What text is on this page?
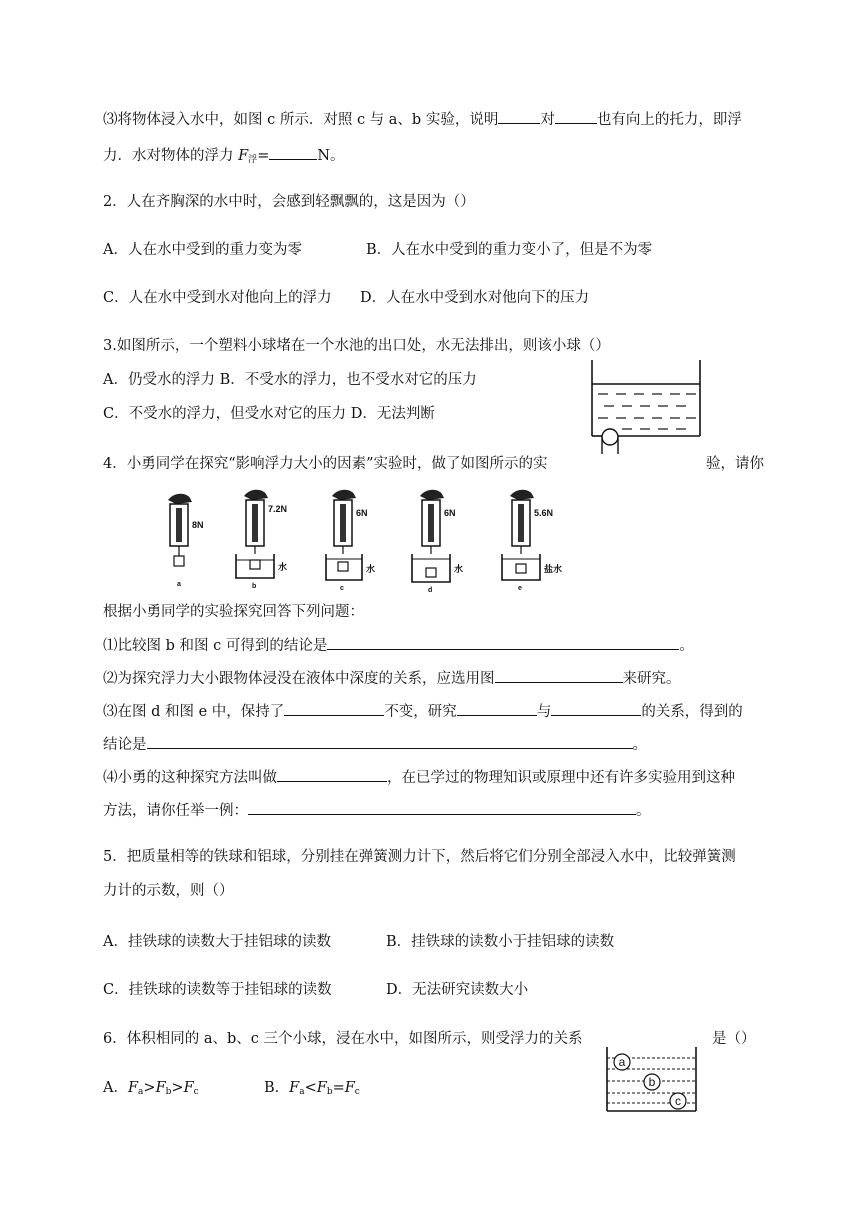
⑶将物体浸入水中，如图 c 所示．对照 c 与 a、b 实验，说明	对	也有向上的托力，即浮
力．水对物体的浮力 $F_浮=$	N。
2．人在齐胸深的水中时，会感到轻飘飘的，这是因为（）
A．人在水中受到的重力变为零	B．人在水中受到的重力变小了，但是不为零
C．人在水中受到水对他向上的浮力 D．人在水中受到水对他向下的压力
3.如图所示，一个塑料小球堵在一个水池的出口处，水无法排出，则该小球（）
A．仍受水的浮力 B．不受水的浮力，也不受水对它的压力
C．不受水的浮力，但受水对它的压力 D．无法判断
4．小勇同学在探究“影响浮力大小的因素”实验时，做了如图所示的实	验，请你
8N
a
7.2N
水
b
6N
水
c
6N
水
d
5.6N
盐水
e
根据小勇同学的实验探究回答下列问题：
⑴比较图 b 和图 c 可得到的结论是	。
⑵为探究浮力大小跟物体浸没在液体中深度的关系，应选用图	来研究。
⑶在图 d 和图 e 中，保持了	不变，研究	与	的关系，得到的
结论是	。
⑷小勇的这种探究方法叫做	，在已学过的物理知识或原理中还有许多实验用到这种
方法，请你任举一例：	。
5．把质量相等的铁球和铝球，分别挂在弹簧测力计下，然后将它们分别全部浸入水中，比较弹簧测
力计的示数，则（）
A．挂铁球的读数大于挂铝球的读数	B．挂铁球的读数小于挂铝球的读数
C．挂铁球的读数等于挂铝球的读数	D．无法研究读数大小
6．体积相同的 a、b、c 三个小球，浸在水中，如图所示，则受浮力的关系	是（）
a
b
c
A．$F_a>F_b>F_c$	B．$F_a<F_b=F_c$
